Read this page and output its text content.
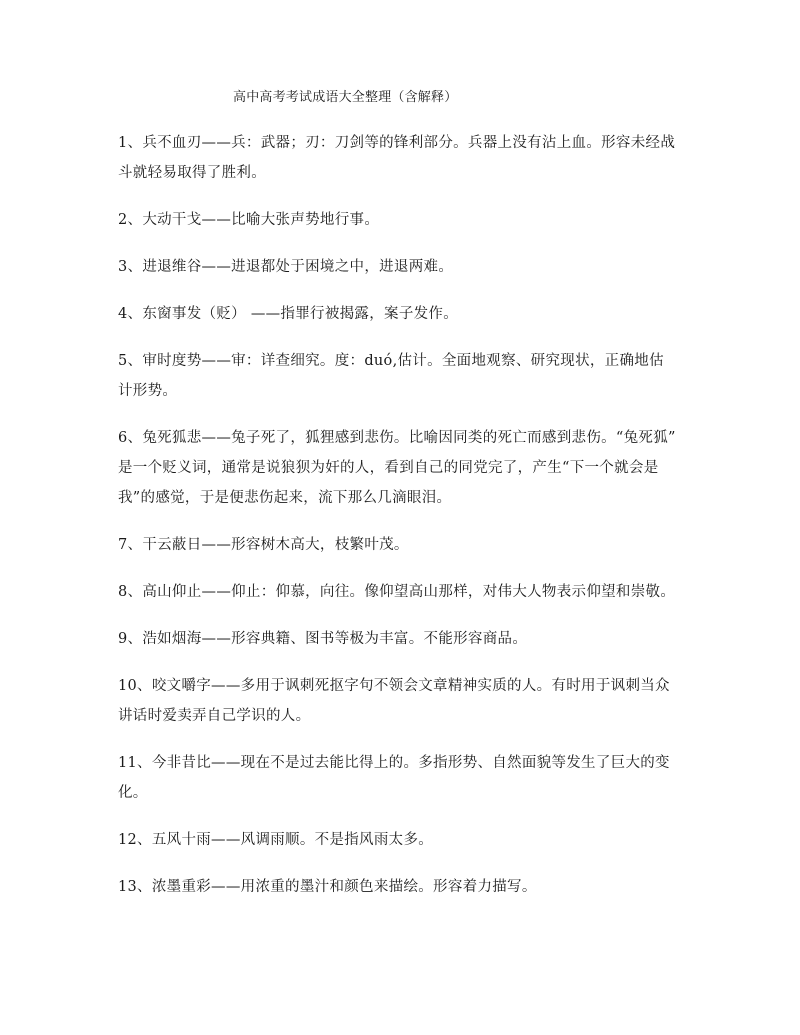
高中高考考试成语大全整理（含解释）
1、兵不血刃——兵：武器；刃：刀剑等的锋利部分。兵器上没有沾上血。形容未经战
斗就轻易取得了胜利。
2、大动干戈——比喻大张声势地行事。
3、进退维谷——进退都处于困境之中，进退两难。
4、东窗事发（贬） ——指罪行被揭露，案子发作。
5、审时度势——审：详查细究。度：duó,估计。全面地观察、研究现状，正确地估
计形势。
6、兔死狐悲——兔子死了，狐狸感到悲伤。比喻因同类的死亡而感到悲伤。“兔死狐”
是一个贬义词，通常是说狼狈为奸的人，看到自己的同党完了，产生“下一个就会是
我”的感觉，于是便悲伤起来，流下那么几滴眼泪。
7、干云蔽日——形容树木高大，枝繁叶茂。
8、高山仰止——仰止：仰慕，向往。像仰望高山那样，对伟大人物表示仰望和崇敬。
9、浩如烟海——形容典籍、图书等极为丰富。不能形容商品。
10、咬文嚼字——多用于讽刺死抠字句不领会文章精神实质的人。有时用于讽刺当众
讲话时爱卖弄自己学识的人。
11、今非昔比——现在不是过去能比得上的。多指形势、自然面貌等发生了巨大的变
化。
12、五风十雨——风调雨顺。不是指风雨太多。
13、浓墨重彩——用浓重的墨汁和颜色来描绘。形容着力描写。
